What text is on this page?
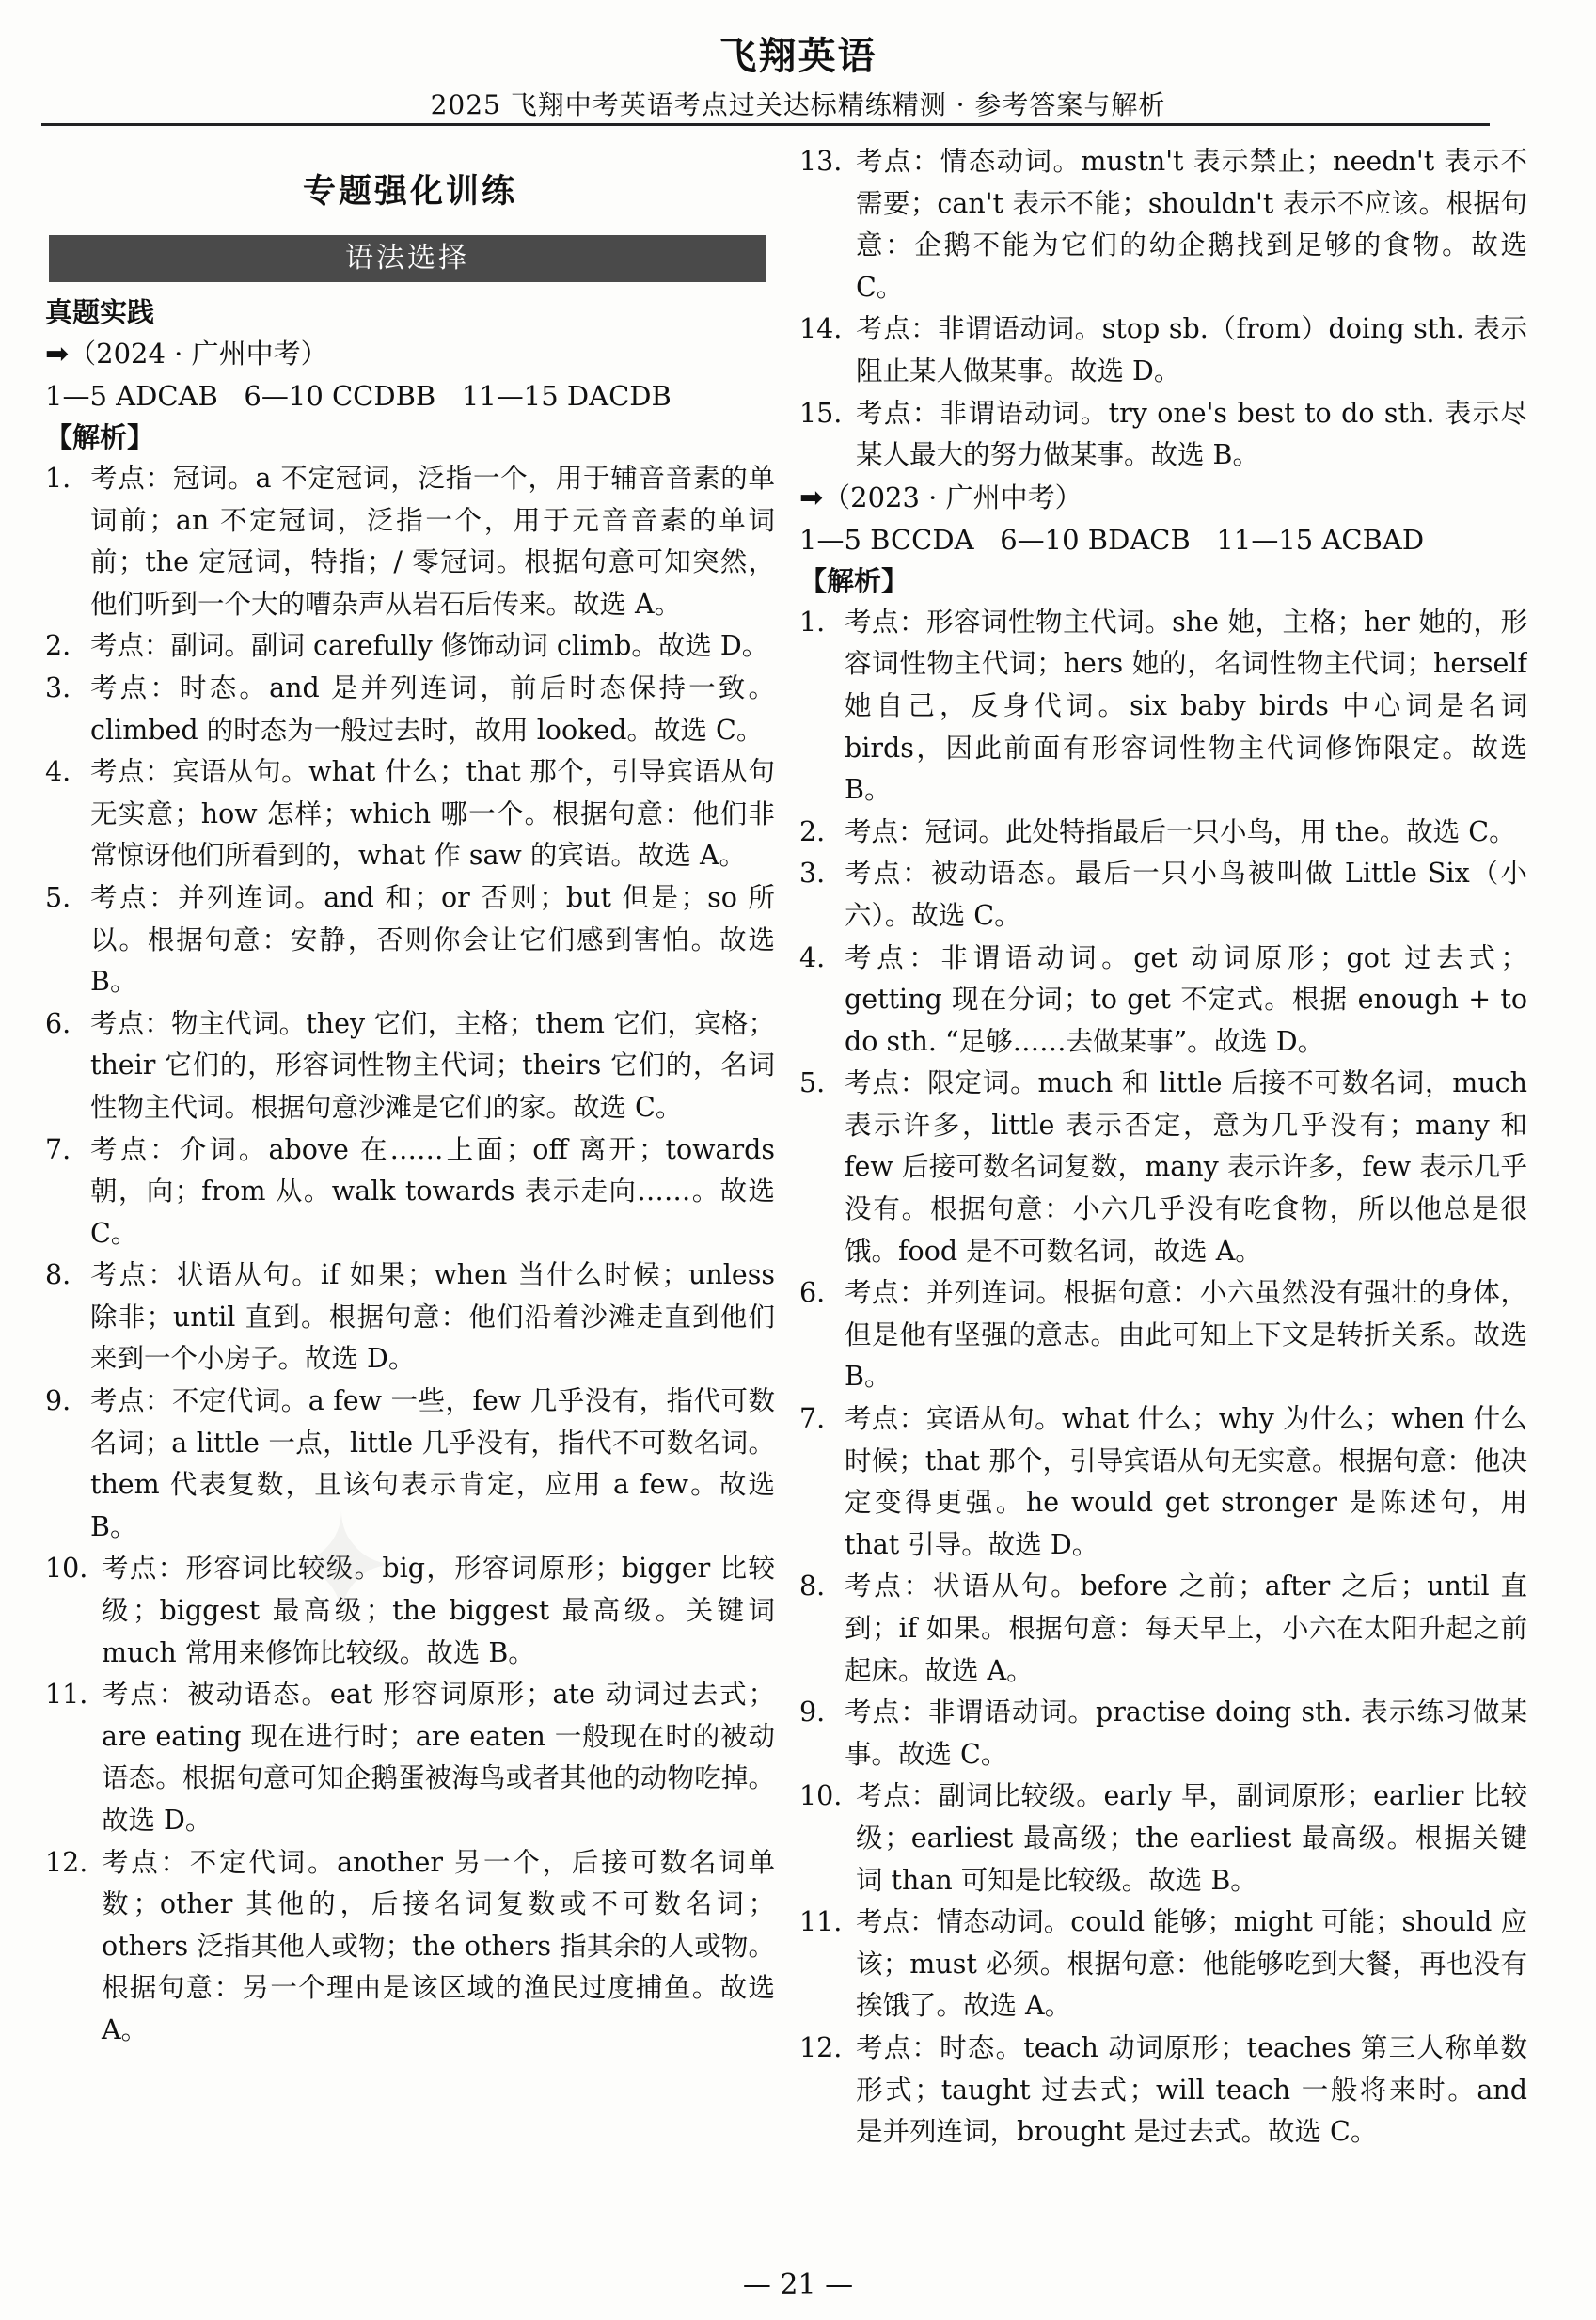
飞翔英语
2025 飞翔中考英语考点过关达标精练精测 · 参考答案与解析
专题强化训练
语法选择
真题实践
➡（2024 · 广州中考）
1—5 ADCAB   6—10 CCDBB   11—15 DACDB
【解析】
1. 考点：冠词。a 不定冠词，泛指一个，用于辅音音素的单词前；an 不定冠词，泛指一个，用于元音音素的单词前；the 定冠词，特指；/ 零冠词。根据句意可知突然，他们听到一个大的嘈杂声从岩石后传来。故选 A。
2. 考点：副词。副词 carefully 修饰动词 climb。故选 D。
3. 考点：时态。and 是并列连词，前后时态保持一致。climbed 的时态为一般过去时，故用 looked。故选 C。
4. 考点：宾语从句。what 什么；that 那个，引导宾语从句无实意；how 怎样；which 哪一个。根据句意：他们非常惊讶他们所看到的，what 作 saw 的宾语。故选 A。
5. 考点：并列连词。and 和；or 否则；but 但是；so 所以。根据句意：安静，否则你会让它们感到害怕。故选 B。
6. 考点：物主代词。they 它们，主格；them 它们，宾格；their 它们的，形容词性物主代词；theirs 它们的，名词性物主代词。根据句意沙滩是它们的家。故选 C。
7. 考点：介词。above 在……上面；off 离开；towards 朝，向；from 从。walk towards 表示走向……。故选 C。
8. 考点：状语从句。if 如果；when 当什么时候；unless 除非；until 直到。根据句意：他们沿着沙滩走直到他们来到一个小房子。故选 D。
9. 考点：不定代词。a few 一些，few 几乎没有，指代可数名词；a little 一点，little 几乎没有，指代不可数名词。them 代表复数，且该句表示肯定，应用 a few。故选 B。
10. 考点：形容词比较级。big，形容词原形；bigger 比较级；biggest 最高级；the biggest 最高级。关键词 much 常用来修饰比较级。故选 B。
11. 考点：被动语态。eat 形容词原形；ate 动词过去式；are eating 现在进行时；are eaten 一般现在时的被动语态。根据句意可知企鹅蛋被海鸟或者其他的动物吃掉。故选 D。
12. 考点：不定代词。another 另一个，后接可数名词单数；other 其他的，后接名词复数或不可数名词；others 泛指其他人或物；the others 指其余的人或物。根据句意：另一个理由是该区域的渔民过度捕鱼。故选 A。
13. 考点：情态动词。mustn't 表示禁止；needn't 表示不需要；can't 表示不能；shouldn't 表示不应该。根据句意：企鹅不能为它们的幼企鹅找到足够的食物。故选 C。
14. 考点：非谓语动词。stop sb.（from）doing sth. 表示阻止某人做某事。故选 D。
15. 考点：非谓语动词。try one's best to do sth. 表示尽某人最大的努力做某事。故选 B。
➡（2023 · 广州中考）
1—5 BCCDA   6—10 BDACB   11—15 ACBAD
【解析】
1. 考点：形容词性物主代词。she 她，主格；her 她的，形容词性物主代词；hers 她的，名词性物主代词；herself 她自己，反身代词。six baby birds 中心词是名词 birds，因此前面有形容词性物主代词修饰限定。故选 B。
2. 考点：冠词。此处特指最后一只小鸟，用 the。故选 C。
3. 考点：被动语态。最后一只小鸟被叫做 Little Six（小六）。故选 C。
4. 考点：非谓语动词。get 动词原形；got 过去式；getting 现在分词；to get 不定式。根据 enough + to do sth. “足够……去做某事”。故选 D。
5. 考点：限定词。much 和 little 后接不可数名词，much 表示许多，little 表示否定，意为几乎没有；many 和 few 后接可数名词复数，many 表示许多，few 表示几乎没有。根据句意：小六几乎没有吃食物，所以他总是很饿。food 是不可数名词，故选 A。
6. 考点：并列连词。根据句意：小六虽然没有强壮的身体，但是他有坚强的意志。由此可知上下文是转折关系。故选 B。
7. 考点：宾语从句。what 什么；why 为什么；when 什么时候；that 那个，引导宾语从句无实意。根据句意：他决定变得更强。he would get stronger 是陈述句，用 that 引导。故选 D。
8. 考点：状语从句。before 之前；after 之后；until 直到；if 如果。根据句意：每天早上，小六在太阳升起之前起床。故选 A。
9. 考点：非谓语动词。practise doing sth. 表示练习做某事。故选 C。
10. 考点：副词比较级。early 早，副词原形；earlier 比较级；earliest 最高级；the earliest 最高级。根据关键词 than 可知是比较级。故选 B。
11. 考点：情态动词。could 能够；might 可能；should 应该；must 必须。根据句意：他能够吃到大餐，再也没有挨饿了。故选 A。
12. 考点：时态。teach 动词原形；teaches 第三人称单数形式；taught 过去式；will teach 一般将来时。and 是并列连词，brought 是过去式。故选 C。
✦
— 21 —
